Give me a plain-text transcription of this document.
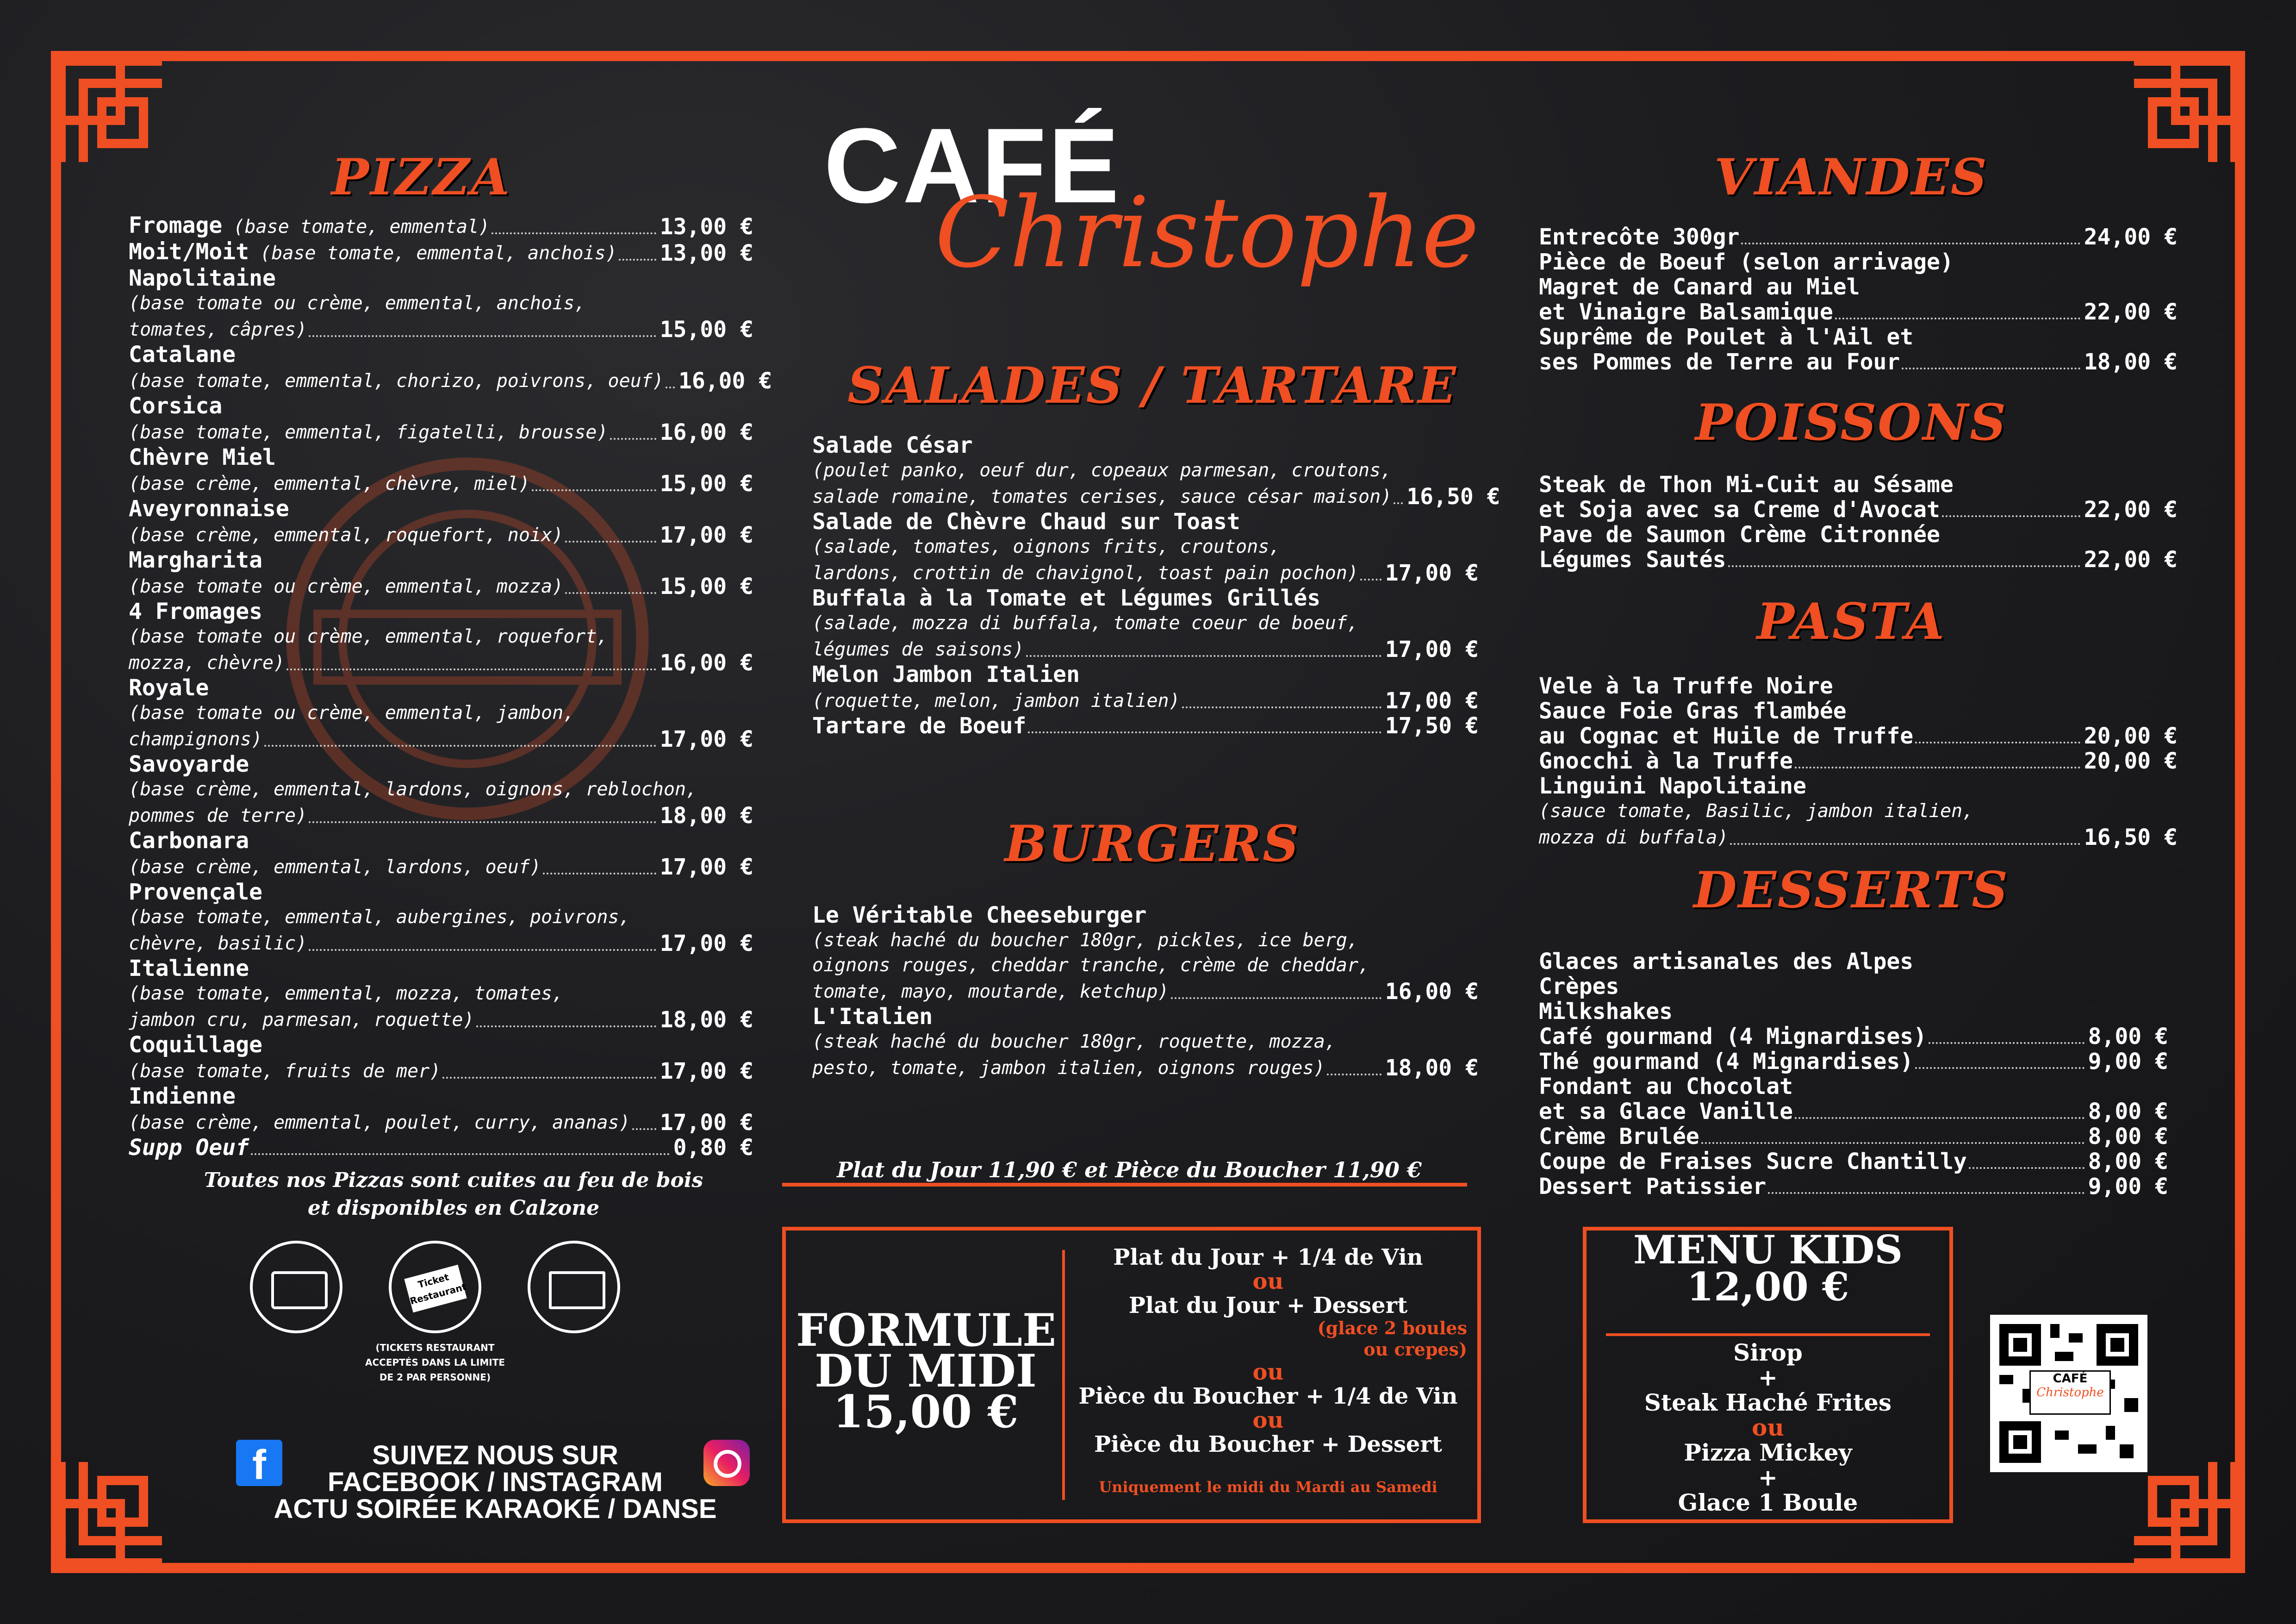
CAFÉ
Christophe
PIZZA
SALADES / TARTARE
BURGERS
VIANDES
POISSONS
PASTA
DESSERTS
Fromage (base tomate, emmental)	13,00 €
Moit/Moit (base tomate, emmental, anchois) 13,00 €
Napolitaine
(base tomate ou crème, emmental, anchois,
tomates, câpres)	15,00 €
Catalane
(base tomate, emmental, chorizo, poivrons, oeuf) 16,00 €
Corsica
(base tomate, emmental, figatelli, brousse) 16,00 €
Chèvre Miel
(base crème, emmental, chèvre, miel)	15,00 €
Aveyronnaise
(base crème, emmental, roquefort, noix)	17,00 €
Margharita
(base tomate ou crème, emmental, mozza)	15,00 €
4 Fromages
(base tomate ou crème, emmental, roquefort,
mozza, chèvre)	16,00 €
Royale
(base tomate ou crème, emmental, jambon,
champignons)	17,00 €
Savoyarde
(base crème, emmental, lardons, oignons, reblochon,
pommes de terre)	18,00 €
Carbonara
(base crème, emmental, lardons, oeuf)	17,00 €
Provençale
(base tomate, emmental, aubergines, poivrons,
chèvre, basilic)	17,00 €
Italienne
(base tomate, emmental, mozza, tomates,
jambon cru, parmesan, roquette)	18,00 €
Coquillage
(base tomate, fruits de mer)	17,00 €
Indienne
(base crème, emmental, poulet, curry, ananas) 17,00 €
Supp Oeuf	0,80 €
Salade César
(poulet panko, oeuf dur, copeaux parmesan, croutons,
salade romaine, tomates cerises, sauce césar maison) 16,50 €
Salade de Chèvre Chaud sur Toast
(salade, tomates, oignons frits, croutons,
lardons, crottin de chavignol, toast pain pochon) 17,00 €
Buffala à la Tomate et Légumes Grillés
(salade, mozza di buffala, tomate coeur de boeuf,
légumes de saisons)	17,00 €
Melon Jambon Italien
(roquette, melon, jambon italien)	17,00 €
Tartare de Boeuf	17,50 €
Le Véritable Cheeseburger
(steak haché du boucher 180gr, pickles, ice berg,
oignons rouges, cheddar tranche, crème de cheddar,
tomate, mayo, moutarde, ketchup)	16,00 €
L'Italien
(steak haché du boucher 180gr, roquette, mozza,
pesto, tomate, jambon italien, oignons rouges)	18,00 €
Entrecôte 300gr	24,00 €
Pièce de Boeuf (selon arrivage)
Magret de Canard au Miel
et Vinaigre Balsamique	22,00 €
Suprême de Poulet à l'Ail et
ses Pommes de Terre au Four	18,00 €
Steak de Thon Mi-Cuit au Sésame
et Soja avec sa Creme d'Avocat	22,00 €
Pave de Saumon Crème Citronnée
Légumes Sautés	22,00 €
Vele à la Truffe Noire
Sauce Foie Gras flambée
au Cognac et Huile de Truffe	20,00 €
Gnocchi à la Truffe	20,00 €
Linguini Napolitaine
(sauce tomate, Basilic, jambon italien,
mozza di buffala)	16,50 €
Glaces artisanales des Alpes
Crèpes
Milkshakes
Café gourmand (4 Mignardises)	8,00 €
Thé gourmand (4 Mignardises)	9,00 €
Fondant au Chocolat
et sa Glace Vanille	8,00 €
Crème Brulée	8,00 €
Coupe de Fraises Sucre Chantilly	8,00 €
Dessert Patissier	9,00 €
Toutes nos Pizzas sont cuites au feu de bois
et disponibles en Calzone
Ticket Restaurant
(TICKETS RESTAURANT
ACCEPTÉS DANS LA LIMITE
DE 2 PAR PERSONNE)
f	SUIVEZ NOUS SUR
FACEBOOK / INSTAGRAM
ACTU SOIRÉE KARAOKÉ / DANSE
Plat du Jour 11,90 € et Pièce du Boucher 11,90 €
FORMULE
DU MIDI
15,00 €
Plat du Jour + 1/4 de Vin
ou
Plat du Jour + Dessert
(glace 2 boules
ou crepes)
ou
Pièce du Boucher + 1/4 de Vin
ou
Pièce du Boucher + Dessert
Uniquement le midi du Mardi au Samedi
MENU KIDS
12,00 €
Sirop
+
Steak Haché Frites
ou
Pizza Mickey
+
Glace 1 Boule
CAFÉ
Christophe
